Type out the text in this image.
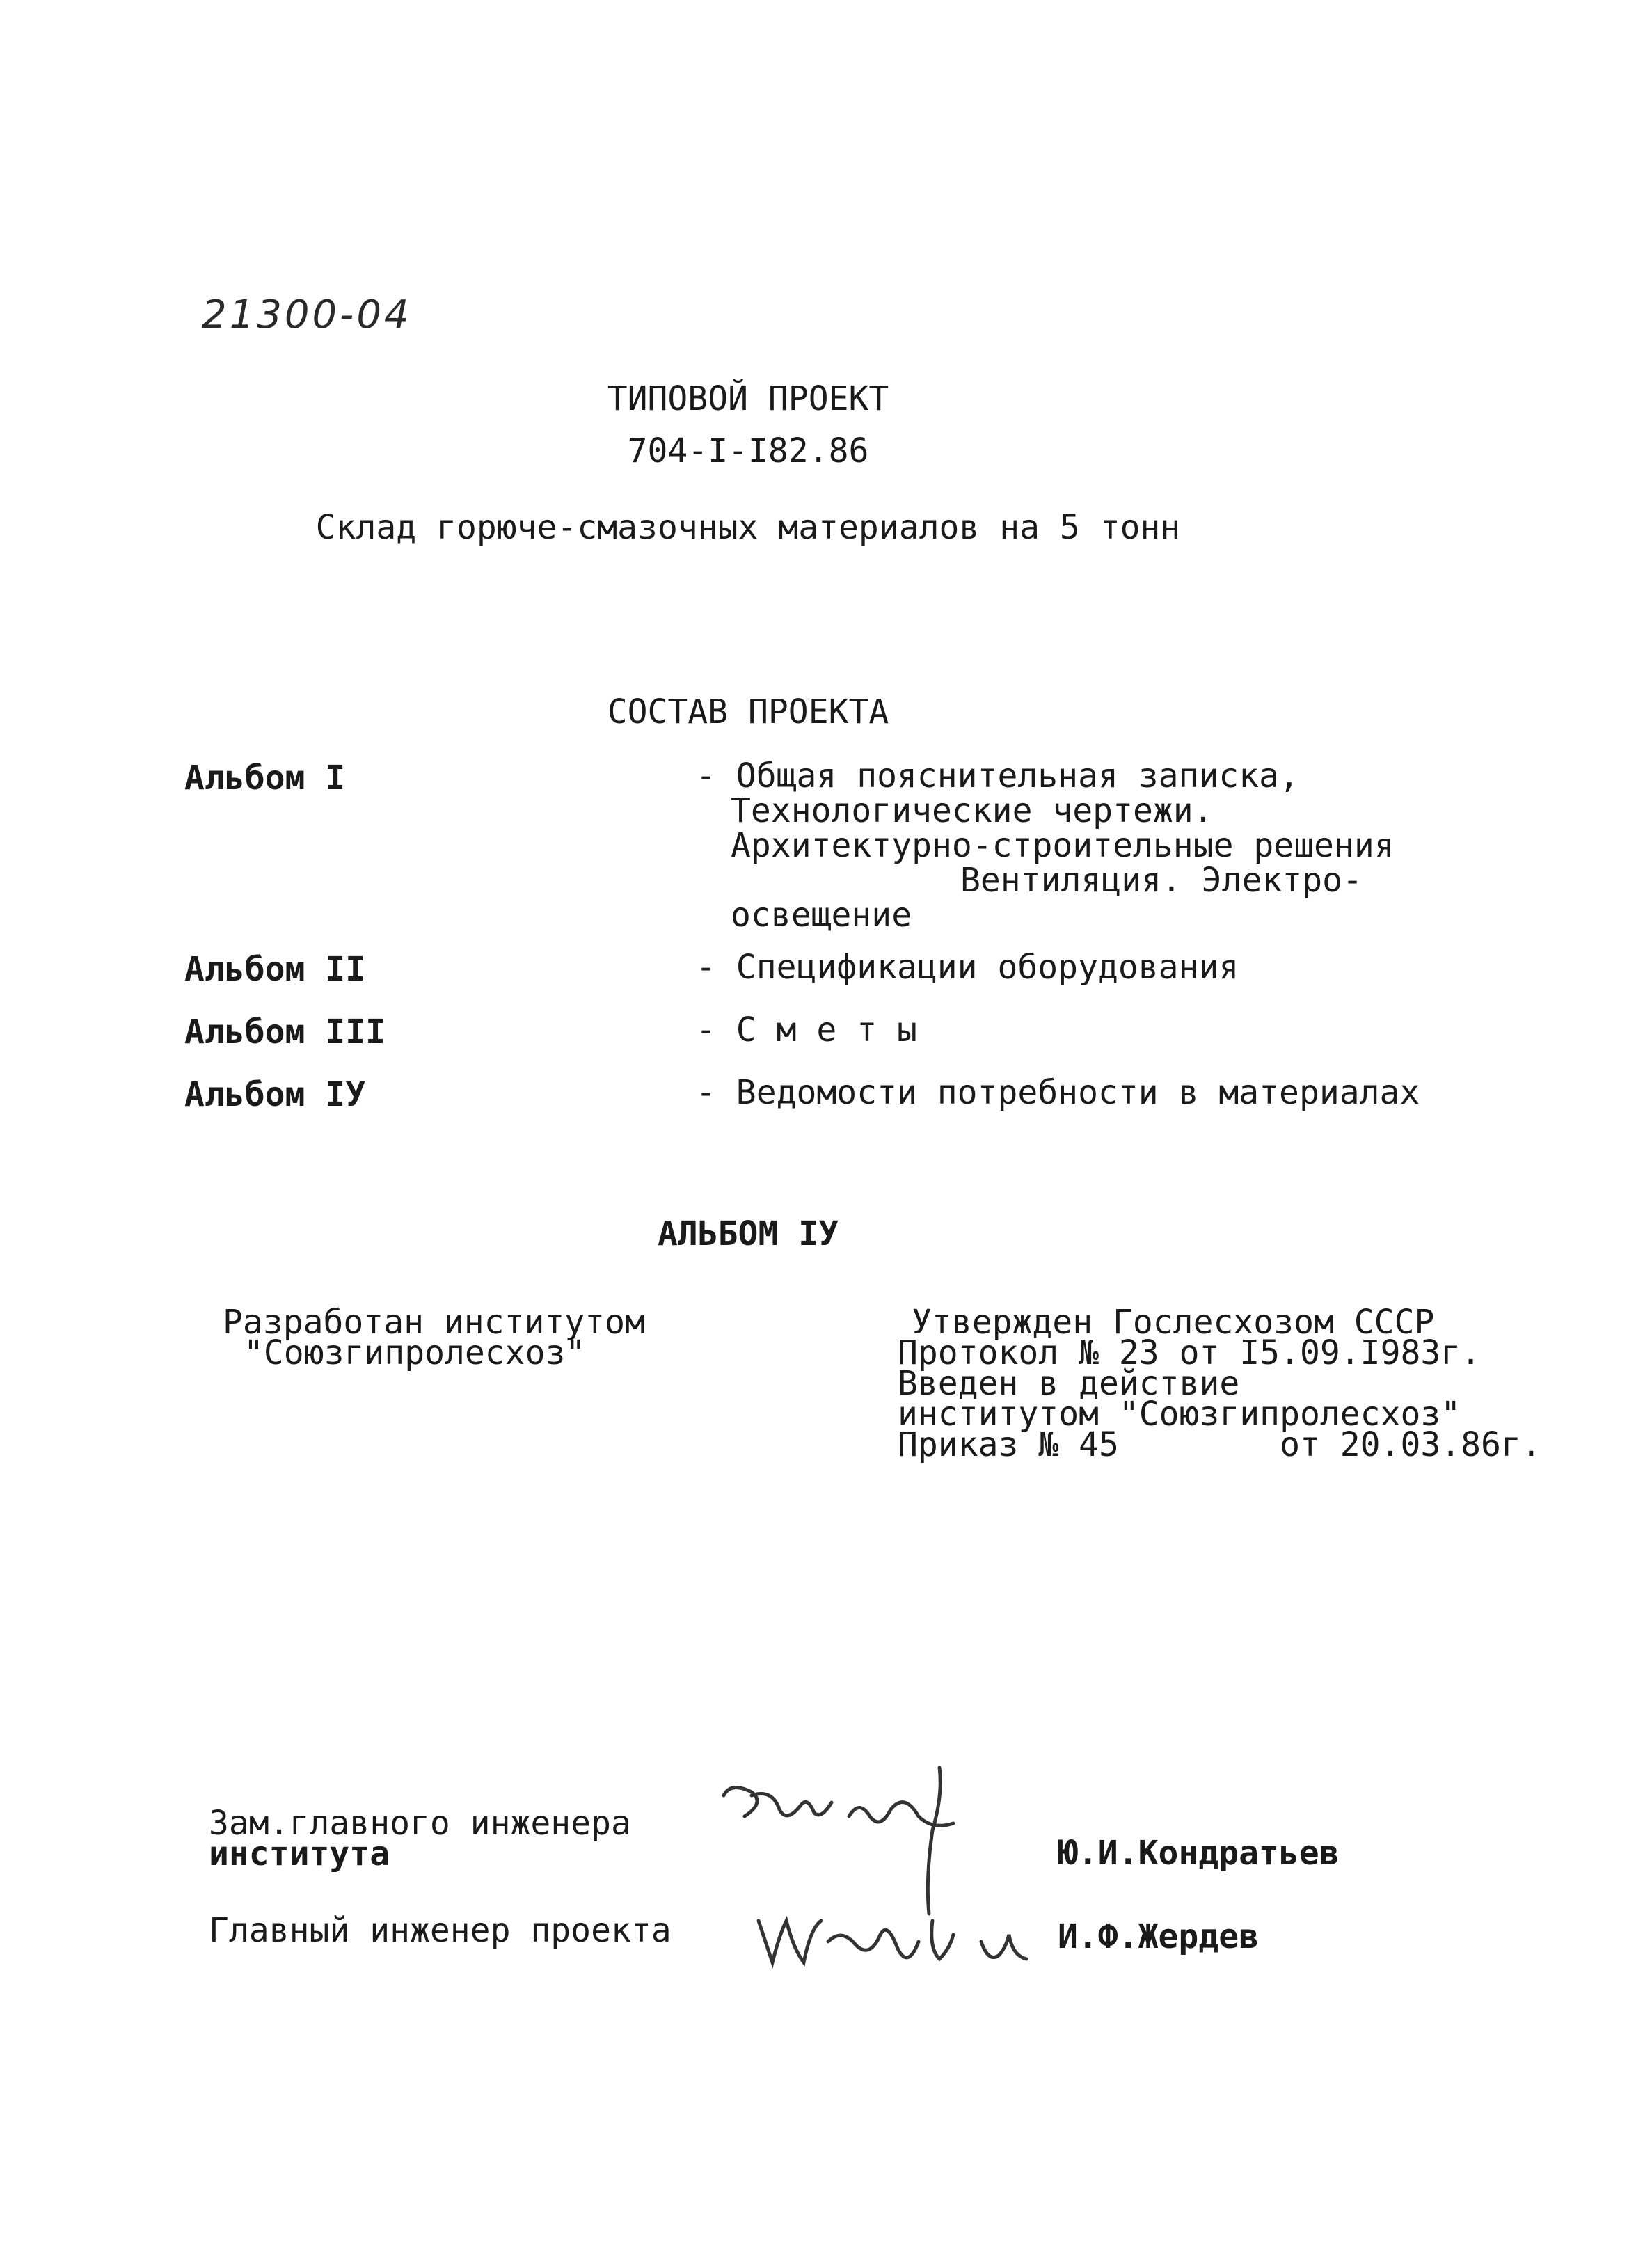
21300-04
ТИПОВОЙ ПРОЕКТ
704-I-I82.86
Склад горюче-смазочных материалов на 5 тонн
СОСТАВ ПРОЕКТА
Альбом I	- Общая пояснительная записка,
Технологические чертежи.
Архитектурно-строительные решения
Вентиляция. Электро-
освещение
Альбом II	- Спецификации оборудования
Альбом III	- С м е т ы
Альбом IУ	- Ведомости потребности в материалах
АЛЬБОМ IУ
Разработан институтом
"Союзгипролесхоз"
Утвержден Гослесхозом СССР
Протокол № 23 от I5.09.I983г.
Введен в действие
институтом "Союзгипролесхоз"
Приказ № 45        от 20.03.86г.
Зам.главного инженера
института	Ю.И.Кондратьев
Главный инженер проекта	И.Ф.Жердев
